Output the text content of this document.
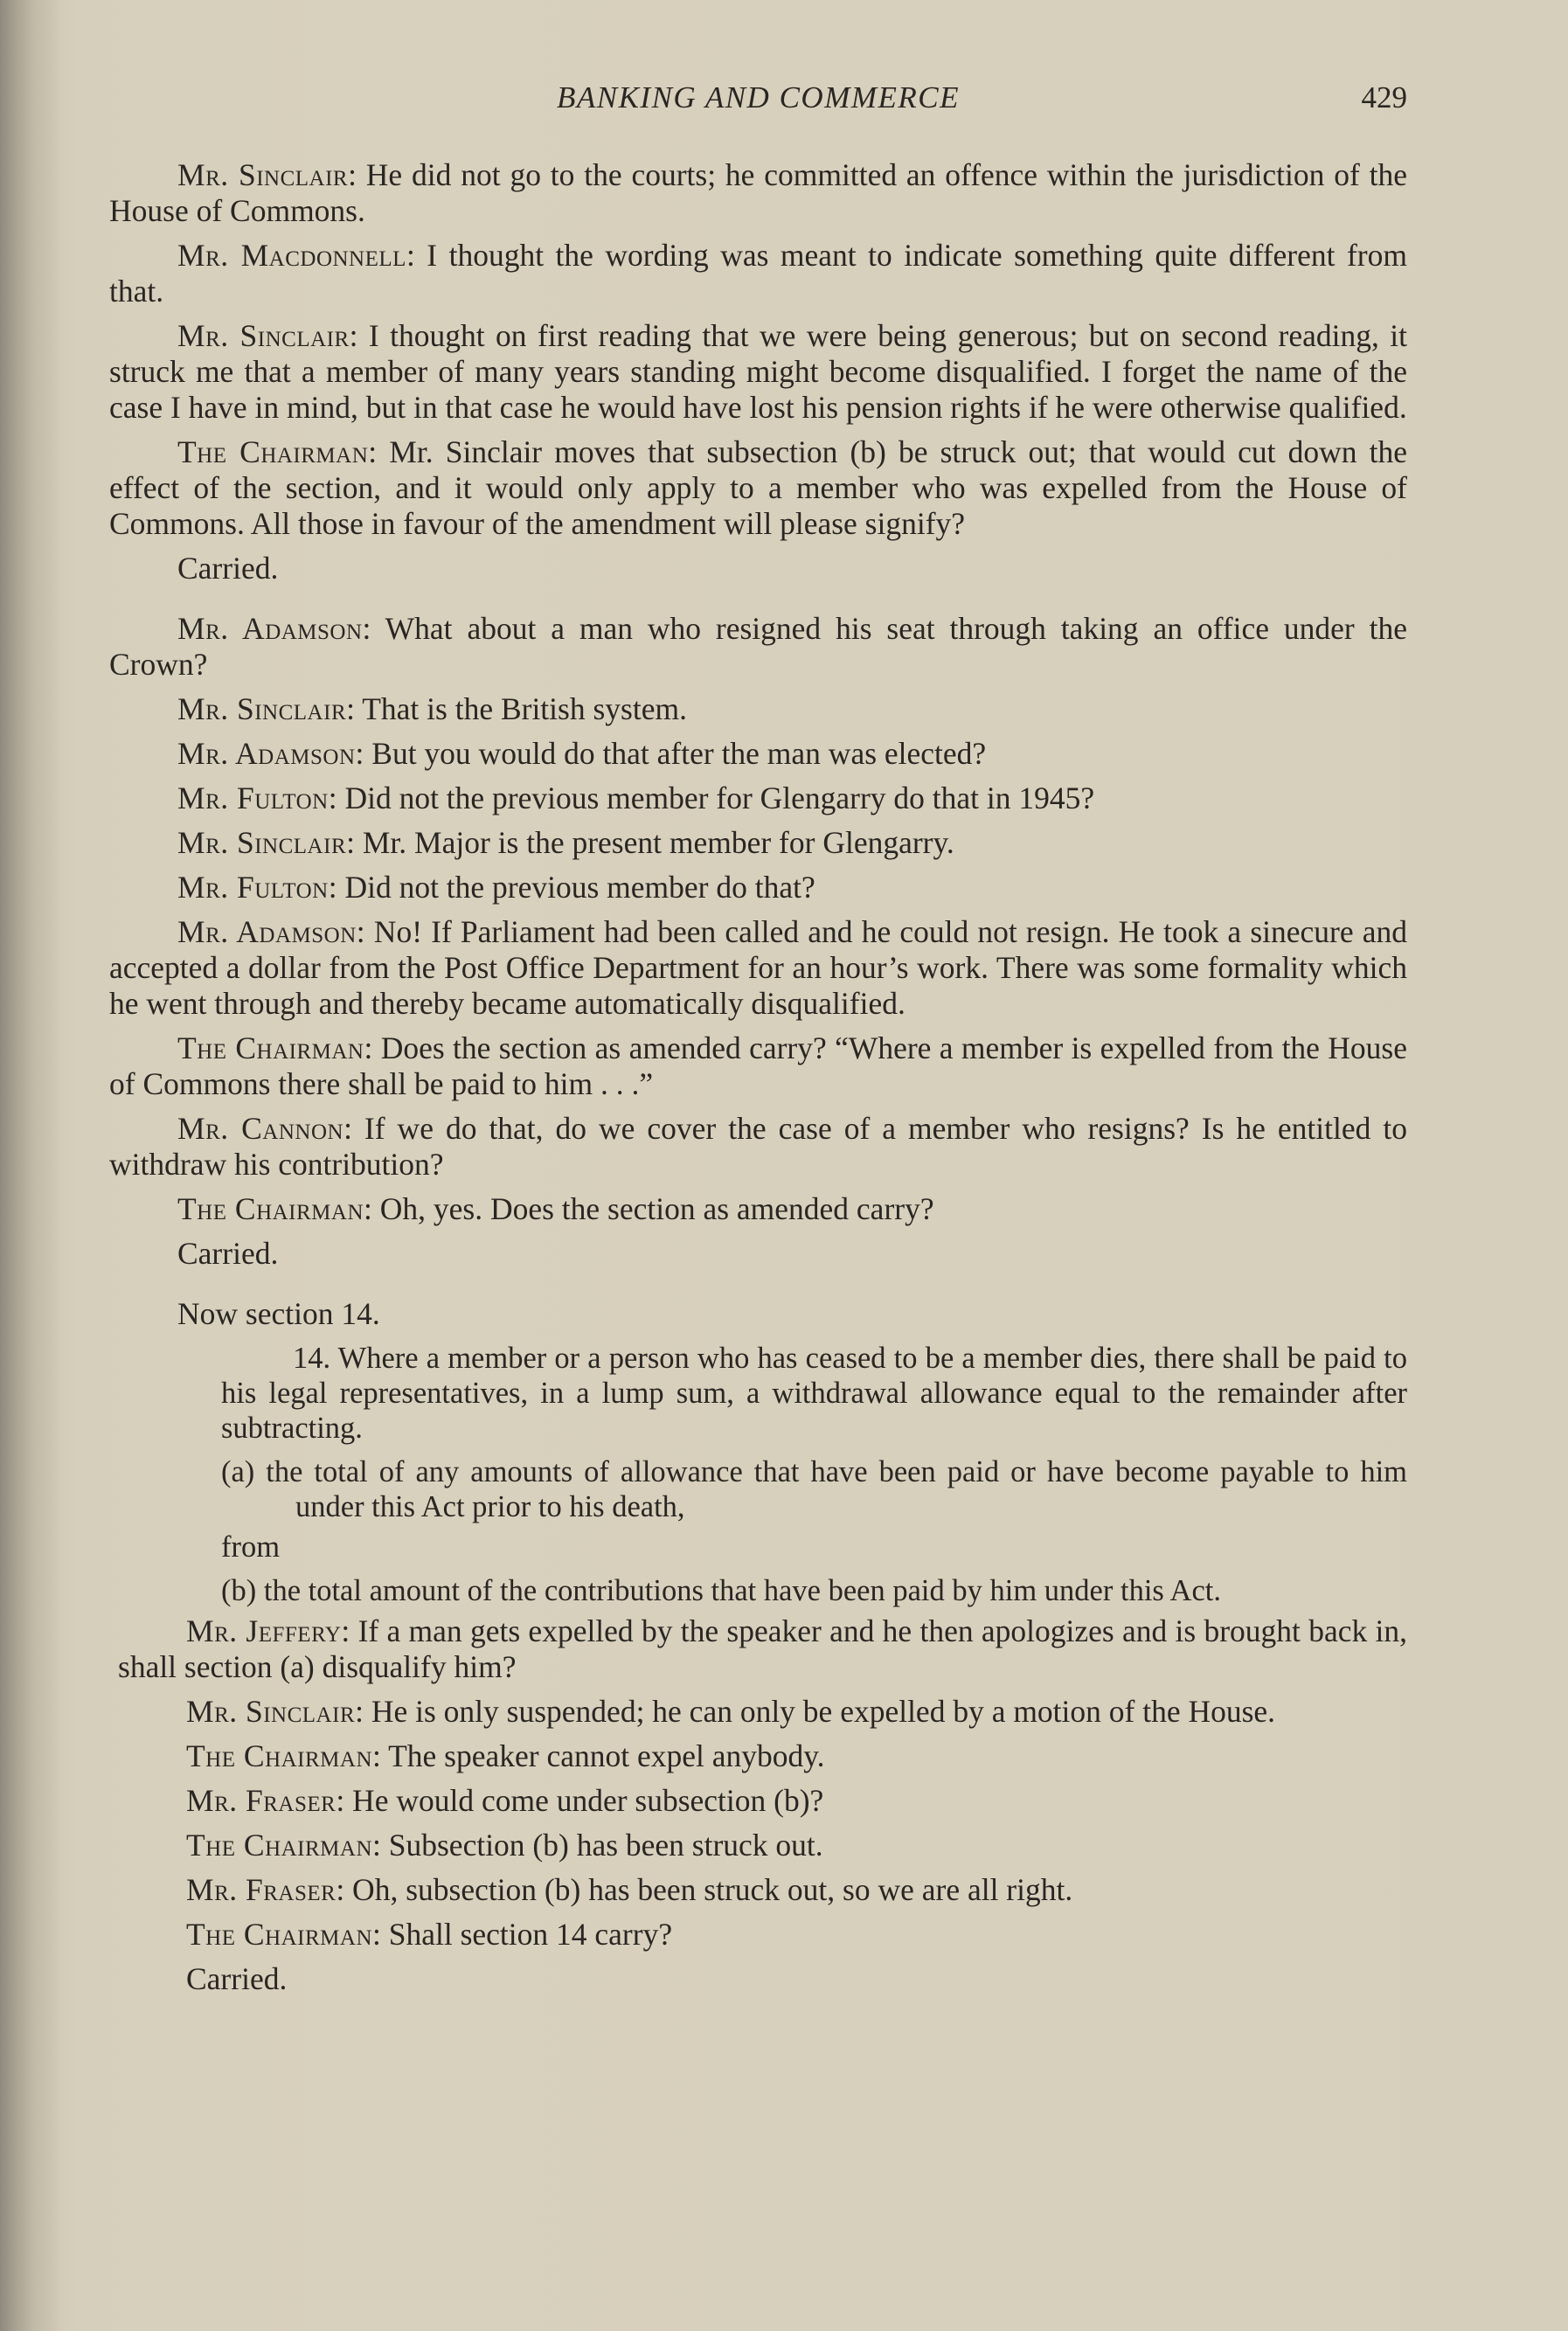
BANKING AND COMMERCE	429

Mr. Sinclair: He did not go to the courts; he committed an offence within the jurisdiction of the House of Commons.

Mr. Macdonnell: I thought the wording was meant to indicate something quite different from that.

Mr. Sinclair: I thought on first reading that we were being generous; but on second reading, it struck me that a member of many years standing might become disqualified. I forget the name of the case I have in mind, but in that case he would have lost his pension rights if he were otherwise qualified.

The Chairman: Mr. Sinclair moves that subsection (b) be struck out; that would cut down the effect of the section, and it would only apply to a member who was expelled from the House of Commons. All those in favour of the amendment will please signify?

Carried.

Mr. Adamson: What about a man who resigned his seat through taking an office under the Crown?

Mr. Sinclair: That is the British system.

Mr. Adamson: But you would do that after the man was elected?

Mr. Fulton: Did not the previous member for Glengarry do that in 1945?

Mr. Sinclair: Mr. Major is the present member for Glengarry.

Mr. Fulton: Did not the previous member do that?

Mr. Adamson: No! If Parliament had been called and he could not resign. He took a sinecure and accepted a dollar from the Post Office Department for an hour’s work. There was some formality which he went through and thereby became automatically disqualified.

The Chairman: Does the section as amended carry? “Where a member is expelled from the House of Commons there shall be paid to him . . .”

Mr. Cannon: If we do that, do we cover the case of a member who resigns? Is he entitled to withdraw his contribution?

The Chairman: Oh, yes. Does the section as amended carry?

Carried.

Now section 14.

14. Where a member or a person who has ceased to be a member dies, there shall be paid to his legal representatives, in a lump sum, a withdrawal allowance equal to the remainder after subtracting.

(a) the total of any amounts of allowance that have been paid or have become payable to him under this Act prior to his death,

from

(b) the total amount of the contributions that have been paid by him under this Act.

Mr. Jeffery: If a man gets expelled by the speaker and he then apologizes and is brought back in, shall section (a) disqualify him?

Mr. Sinclair: He is only suspended; he can only be expelled by a motion of the House.

The Chairman: The speaker cannot expel anybody.

Mr. Fraser: He would come under subsection (b)?

The Chairman: Subsection (b) has been struck out.

Mr. Fraser: Oh, subsection (b) has been struck out, so we are all right.

The Chairman: Shall section 14 carry?

Carried.
